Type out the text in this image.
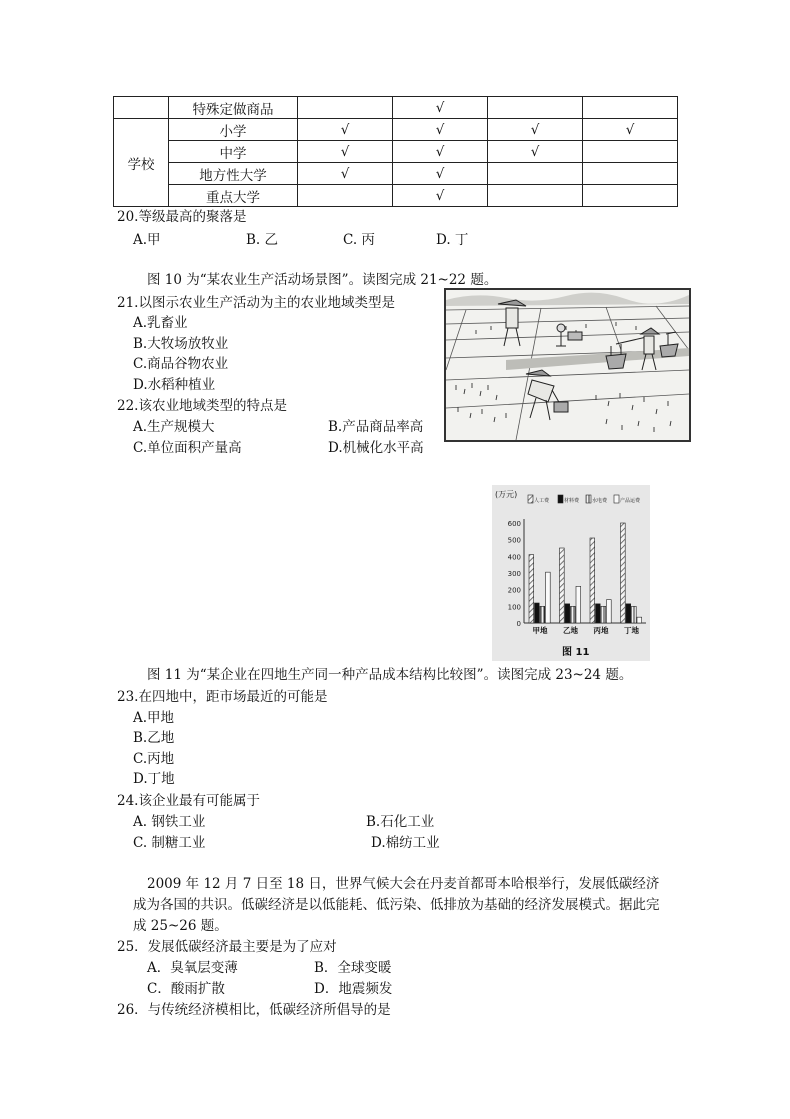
	特殊定做商品		√		
学校	小学	√	√	√	√
	中学	√	√	√	
	地方性大学	√	√		
	重点大学		√		
20.等级最高的聚落是
A.甲	B. 乙	C. 丙	D. 丁
图 10 为“某农业生产活动场景图”。读图完成 21~22 题。
21.以图示农业生产活动为主的农业地域类型是
A.乳畜业
B.大牧场放牧业
C.商品谷物农业
D.水稻种植业
22.该农业地域类型的特点是
A.生产规模大	B.产品商品率高
C.单位面积产量高	D.机械化水平高
(万元)
人工费	材料费	水电费	产品运费
600
500
400
300
200
100
0
甲地 乙地 丙地 丁地
图 11
图 11 为“某企业在四地生产同一种产品成本结构比较图”。读图完成 23~24 题。
23.在四地中，距市场最近的可能是
A.甲地
B.乙地
C.丙地
D.丁地
24.该企业最有可能属于
A. 钢铁工业	B.石化工业
C. 制糖工业	D.棉纺工业
2009 年 12 月 7 日至 18 日，世界气候大会在丹麦首都哥本哈根举行，发展低碳经济
成为各国的共识。低碳经济是以低能耗、低污染、低排放为基础的经济发展模式。据此完
成 25~26 题。
25．发展低碳经济最主要是为了应对
A．臭氧层变薄	B．全球变暖
C．酸雨扩散	D．地震频发
26．与传统经济模相比，低碳经济所倡导的是
